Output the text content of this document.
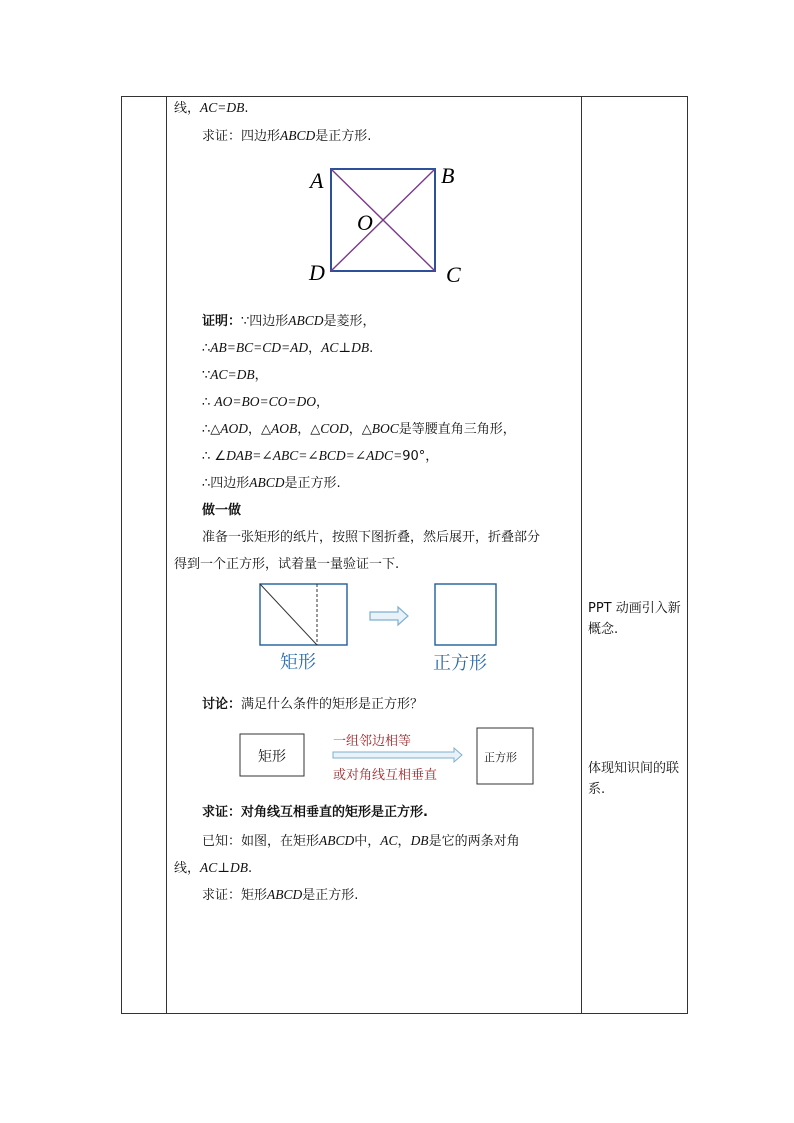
线，AC=DB.
求证：四边形ABCD是正方形.
A	B
C
D
O
证明：∵四边形ABCD是菱形，
∴AB=BC=CD=AD，AC⊥DB.
∵AC=DB，
∴ AO=BO=CO=DO，
∴△AOD，△AOB，△COD，△BOC是等腰直角三角形，
∴ ∠DAB=∠ABC=∠BCD=∠ADC=90°，
∴四边形ABCD是正方形.
做一做
准备一张矩形的纸片，按照下图折叠，然后展开，折叠部分
得到一个正方形，试着量一量验证一下.
矩形	正方形
讨论：满足什么条件的矩形是正方形？
矩形
一组邻边相等
或对角线互相垂直
正方形
求证：对角线互相垂直的矩形是正方形.
已知：如图，在矩形ABCD中，AC，DB是它的两条对角
线，AC⊥DB.
求证：矩形ABCD是正方形.
PPT 动画引入新概念.
体现知识间的联系.
